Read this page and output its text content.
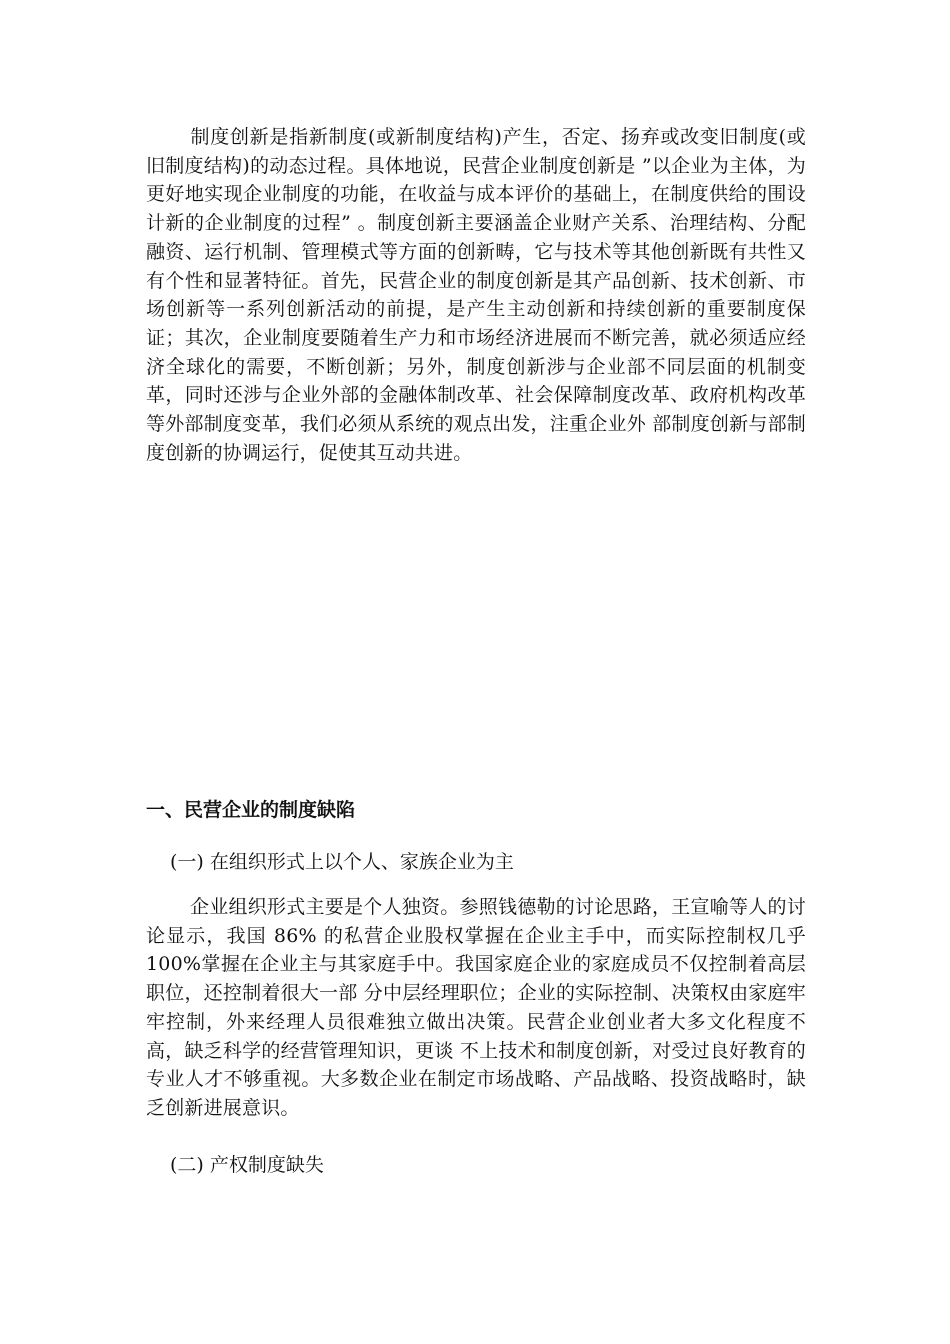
制度创新是指新制度(或新制度结构)产生，否定、扬弃或改变旧制度(或旧制度结构)的动态过程。具体地说，民营企业制度创新是 ”以企业为主体，为更好地实现企业制度的功能，在收益与成本评价的基础上，在制度供给的围设计新的企业制度的过程” 。制度创新主要涵盖企业财产关系、治理结构、分配融资、运行机制、管理模式等方面的创新畴，它与技术等其他创新既有共性又有个性和显著特征。首先，民营企业的制度创新是其产品创新、技术创新、市场创新等一系列创新活动的前提，是产生主动创新和持续创新的重要制度保证；其次，企业制度要随着生产力和市场经济进展而不断完善，就必须适应经济全球化的需要，不断创新；另外，制度创新涉与企业部不同层面的机制变革，同时还涉与企业外部的金融体制改革、社会保障制度改革、政府机构改革等外部制度变革，我们必须从系统的观点出发，注重企业外 部制度创新与部制度创新的协调运行，促使其互动共进。

一、民营企业的制度缺陷

(一) 在组织形式上以个人、家族企业为主

企业组织形式主要是个人独资。参照钱德勒的讨论思路，王宣喻等人的讨论显示，我国 86% 的私营企业股权掌握在企业主手中，而实际控制权几乎 100%掌握在企业主与其家庭手中。我国家庭企业的家庭成员不仅控制着高层职位，还控制着很大一部 分中层经理职位；企业的实际控制、决策权由家庭牢牢控制，外来经理人员很难独立做出决策。民营企业创业者大多文化程度不高，缺乏科学的经营管理知识，更谈 不上技术和制度创新，对受过良好教育的专业人才不够重视。大多数企业在制定市场战略、产品战略、投资战略时，缺乏创新进展意识。

(二) 产权制度缺失
